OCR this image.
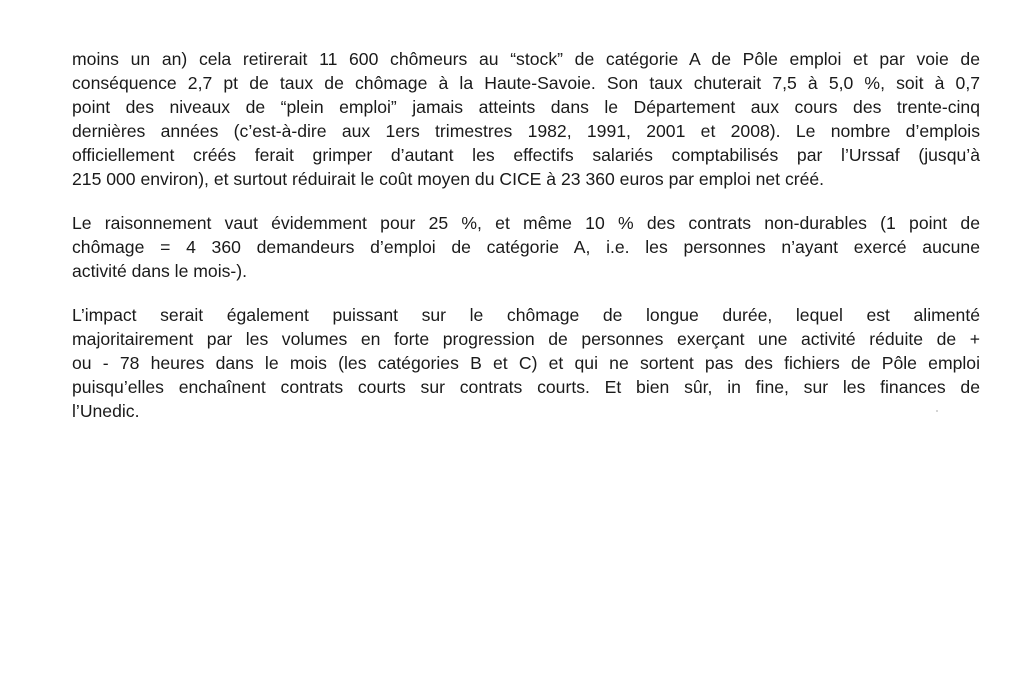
moins un an) cela retirerait 11 600 chômeurs au “stock” de catégorie A de Pôle emploi et par voie de
conséquence 2,7 pt de taux de chômage à la Haute-Savoie. Son taux chuterait 7,5 à 5,0 %, soit à 0,7
point des niveaux de “plein emploi” jamais atteints dans le Département aux cours des trente-cinq
dernières années (c’est-à-dire aux 1ers trimestres 1982, 1991, 2001 et 2008). Le nombre d’emplois
officiellement créés ferait grimper d’autant les effectifs salariés comptabilisés par l’Urssaf (jusqu’à
215 000 environ), et surtout réduirait le coût moyen du CICE à 23 360 euros par emploi net créé.
Le raisonnement vaut évidemment pour 25 %, et même 10 % des contrats non-durables (1 point de
chômage = 4 360 demandeurs d’emploi de catégorie A, i.e. les personnes n’ayant exercé aucune
activité dans le mois-).
L’impact serait également puissant sur le chômage de longue durée, lequel est alimenté
majoritairement par les volumes en forte progression de personnes exerçant une activité réduite de +
ou - 78 heures dans le mois (les catégories B et C) et qui ne sortent pas des fichiers de Pôle emploi
puisqu’elles enchaînent contrats courts sur contrats courts. Et bien sûr, in fine, sur les finances de
l’Unedic.
